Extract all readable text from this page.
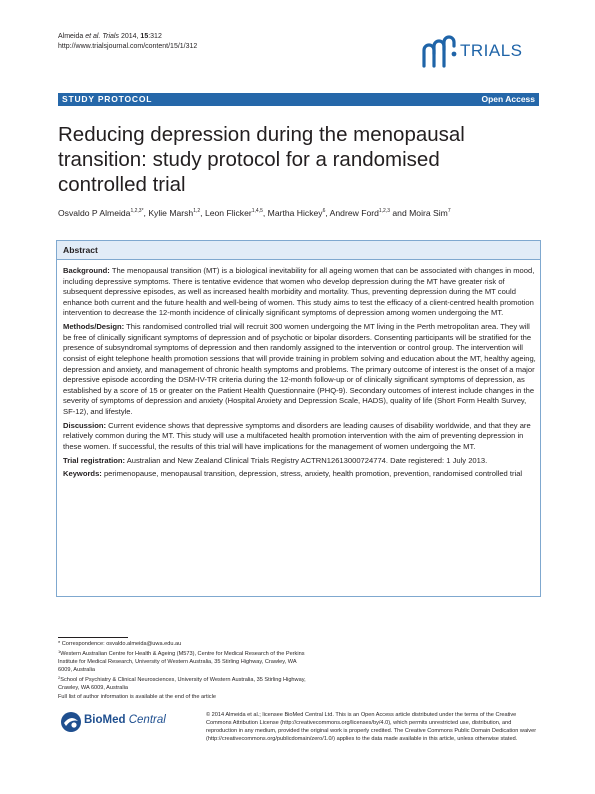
Almeida et al. Trials 2014, 15:312
http://www.trialsjournal.com/content/15/1/312	TRIALS
STUDY PROTOCOL	Open Access
Reducing depression during the menopausal transition: study protocol for a randomised controlled trial
Osvaldo P Almeida$^{1,2,3*}$, Kylie Marsh$^{1,2}$, Leon Flicker$^{1,4,5}$, Martha Hickey$^6$, Andrew Ford$^{1,2,3}$ and Moira Sim$^7$
Abstract

Background: The menopausal transition (MT) is a biological inevitability for all ageing women that can be associated with changes in mood, including depressive symptoms. There is tentative evidence that women who develop depression during the MT have greater risk of subsequent depressive episodes, as well as increased health morbidity and mortality. Thus, preventing depression during the MT could enhance both current and the future health and well-being of women. This study aims to test the efficacy of a client-centred health promotion intervention to decrease the 12-month incidence of clinically significant symptoms of depression among women undergoing the MT.

Methods/Design: This randomised controlled trial will recruit 300 women undergoing the MT living in the Perth metropolitan area. They will be free of clinically significant symptoms of depression and of psychotic or bipolar disorders. Consenting participants will be stratified for the presence of subsyndromal symptoms of depression and then randomly assigned to the intervention or control group. The intervention will consist of eight telephone health promotion sessions that will provide training in problem solving and education about the MT, healthy ageing, depression and anxiety, and management of chronic health symptoms and problems. The primary outcome of interest is the onset of a major depressive episode according the DSM-IV-TR criteria during the 12-month follow-up or of clinically significant symptoms of depression, as established by a score of 15 or greater on the Patient Health Questionnaire (PHQ-9). Secondary outcomes of interest include changes in the severity of symptoms of depression and anxiety (Hospital Anxiety and Depression Scale, HADS), quality of life (Short Form Health Survey, SF-12), and lifestyle.

Discussion: Current evidence shows that depressive symptoms and disorders are leading causes of disability worldwide, and that they are relatively common during the MT. This study will use a multifaceted health promotion intervention with the aim of preventing depression in these women. If successful, the results of this trial will have implications for the management of women undergoing the MT.

Trial registration: Australian and New Zealand Clinical Trials Registry ACTRN12613000724774. Date registered: 1 July 2013.

Keywords: perimenopause, menopausal transition, depression, stress, anxiety, health promotion, prevention, randomised controlled trial

* Correspondence: osvaldo.almeida@uwa.edu.au
$^1$Western Australian Centre for Health & Ageing (M573), Centre for Medical Research of the Perkins Institute for Medical Research, University of Western Australia, 35 Stirling Highway, Crawley, WA 6009, Australia
$^2$School of Psychiatry & Clinical Neurosciences, University of Western Australia, 35 Stirling Highway, Crawley, WA 6009, Australia
Full list of author information is available at the end of the article
BioMed Central	© 2014 Almeida et al.; licensee BioMed Central Ltd. This is an Open Access article distributed under the terms of the Creative Commons Attribution License (http://creativecommons.org/licenses/by/4.0), which permits unrestricted use, distribution, and reproduction in any medium, provided the original work is properly credited. The Creative Commons Public Domain Dedication waiver (http://creativecommons.org/publicdomain/zero/1.0/) applies to the data made available in this article, unless otherwise stated.
